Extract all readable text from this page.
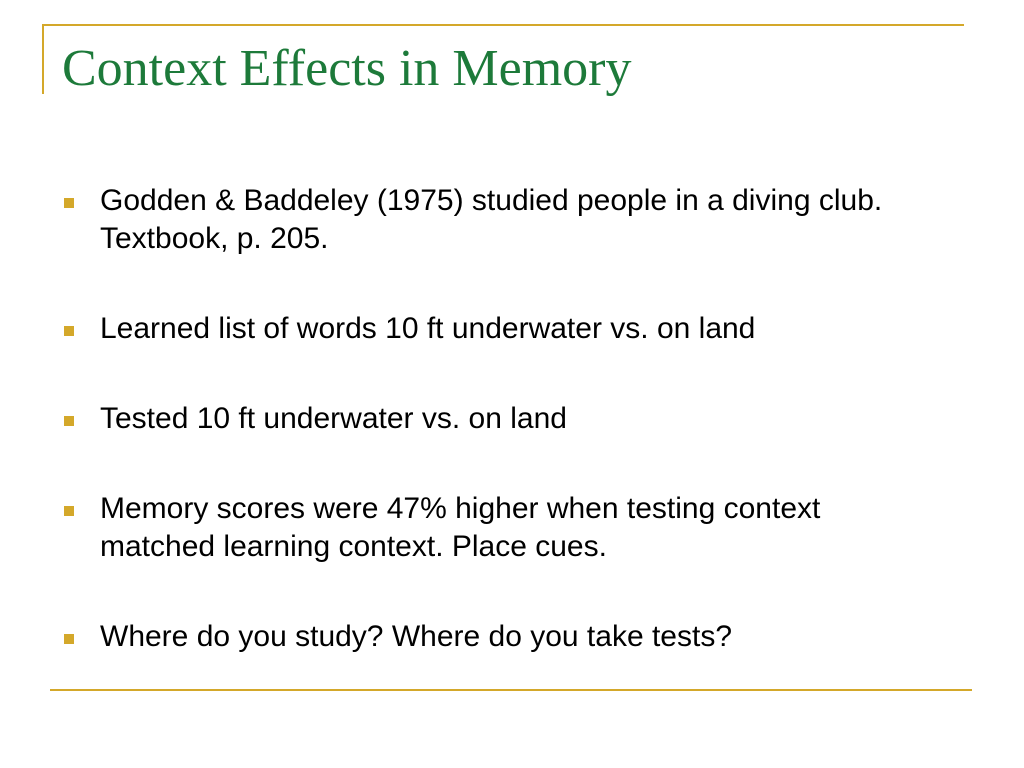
Context Effects in Memory
Godden & Baddeley (1975) studied people in a diving club. Textbook, p. 205.
Learned list of words 10 ft underwater vs. on land
Tested 10 ft underwater vs. on land
Memory scores were 47% higher when testing context matched learning context. Place cues.
Where do you study? Where do you take tests?
